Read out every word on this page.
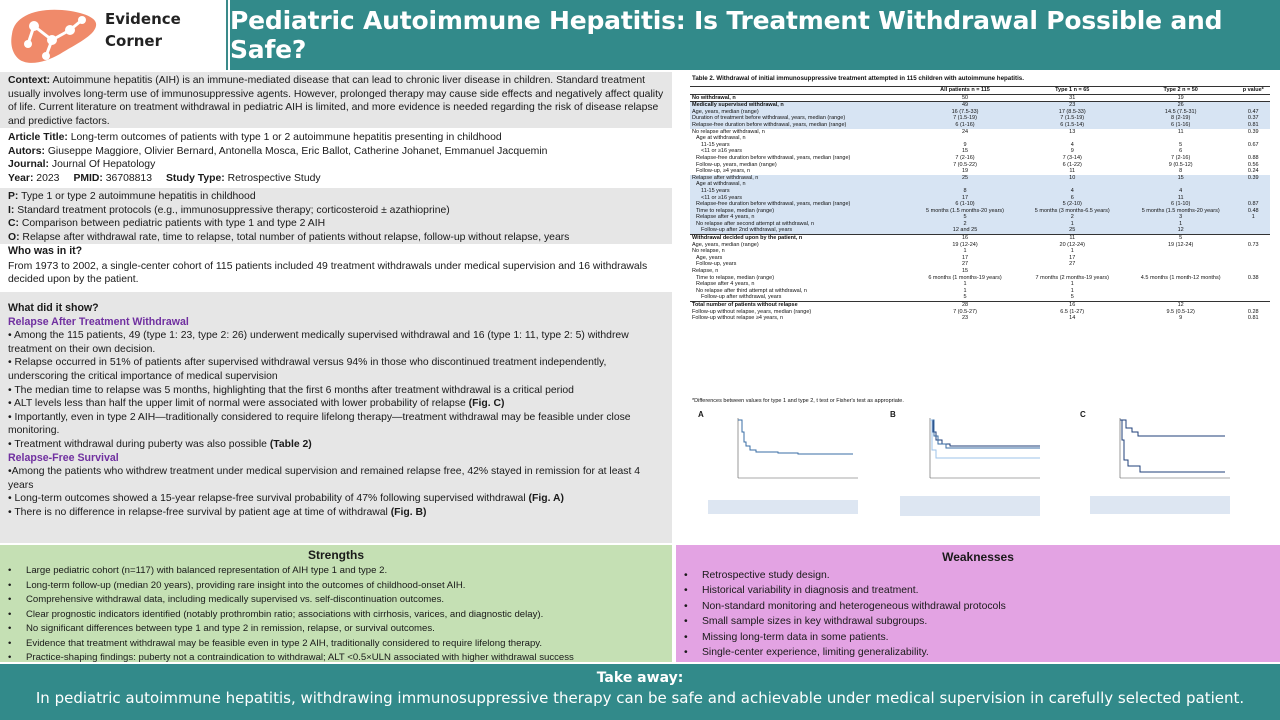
Evidence
Corner
Pediatric Autoimmune Hepatitis: Is Treatment Withdrawal Possible and Safe?
Context: Autoimmune hepatitis (AIH) is an immune-mediated disease that can lead to chronic liver disease in children. Standard treatment usually involves long-term use of immunosuppressive agents. However, prolonged therapy may cause side effects and negatively affect quality of life. Current literature on treatment withdrawal in pediatric AIH is limited, and more evidence is needed regarding the risk of disease relapse and predictive factors.
Article Title: Long-term outcomes of patients with type 1 or 2 autoimmune hepatitis presenting in childhood
Autors: Giuseppe Maggiore, Olivier Bernard, Antonella Mosca, Eric Ballot, Catherine Johanet, Emmanuel Jacquemin
Journal: Journal Of Hepatology
Year: 2023 PMID: 36708813 Study Type: Retrospective Study
P: Type 1 or type 2 autoimmune hepatitis in childhood
I: Standard treatment protocols (e.g., immunosuppressive therapy; corticosteroid ± azathioprine)
C: Comparison between pediatric patients with type 1 and type 2 AIH
O: Relapse after withdrawal rate, time to relapse, total number of patients without relapse, follow-up without relapse, years
Who was in it?
From 1973 to 2002, a single-center cohort of 115 patients included 49 treatment withdrawals under medical supervision and 16 withdrawals decided upon by the patient.
What did it show?
Relapse After Treatment Withdrawal
• Among the 115 patients, 49 (type 1: 23, type 2: 26) underwent medically supervised withdrawal and 16 (type 1: 11, type 2: 5) withdrew treatment on their own decision.
• Relapse occurred in 51% of patients after supervised withdrawal versus 94% in those who discontinued treatment independently, underscoring the critical importance of medical supervision
• The median time to relapse was 5 months, highlighting that the first 6 months after treatment withdrawal is a critical period
• ALT levels less than half the upper limit of normal were associated with lower probability of relapse (Fig. C)
• Importantly, even in type 2 AIH—traditionally considered to require lifelong therapy—treatment withdrawal may be feasible under close monitoring.
• Treatment withdrawal during puberty was also possible (Table 2)
Relapse-Free Survival
•Among the patients who withdrew treatment under medical supervision and remained relapse free, 42% stayed in remission for at least 4 years
• Long-term outcomes showed a 15-year relapse-free survival probability of 47% following supervised withdrawal (Fig. A)
• There is no difference in relapse-free survival by patient age at time of withdrawal (Fig. B)
Table 2. Withdrawal of initial immunosuppressive treatment attempted in 115 children with autoimmune hepatitis.
	All patients n = 115	Type 1 n = 65	Type 2 n = 50	p value*
No withdrawal, n	50	31	19	
Medically supervised withdrawal, n	49	23	26	
Age, years, median (range)	16 (7.5-33)	17 (8.5-33)	14.5 (7.5-31)	0.47
Duration of treatment before withdrawal, years, median (range)	7 (1.5-19)	7 (1.5-19)	8 (2-19)	0.37
Relapse-free duration before withdrawal, years, median (range)	6 (1-16)	6 (1.5-14)	6 (1-16)	0.81
No relapse after withdrawal, n	24	13	11	0.39
Age at withdrawal, n				
11-15 years	9	4	5	0.67
<11 or ≥16 years	15	9	6	
Relapse-free duration before withdrawal, years, median (range)	7 (2-16)	7 (3-14)	7 (2-16)	0.88
Follow-up, years, median (range)	7 (0.5-22)	6 (1-22)	9 (0.5-12)	0.56
Follow-up, ≥4 years, n	19	11	8	0.24
Relapse after withdrawal, n	25	10	15	0.39
Age at withdrawal, n				
11-15 years	8	4	4	
<11 or ≥16 years	17	6	11	
Relapse-free duration before withdrawal, years, median (range)	6 (1-10)	5 (2-10)	6 (1-10)	0.87
Time to relapse, median (range)	5 months (1.5 months-20 years)	5 months (3 months-6.5 years)	5 months (1.5 months-20 years)	0.48
Relapse after 4 years, n	5	2	3	1
No relapse after second attempt at withdrawal, n	2	1	1	
Follow-up after 2nd withdrawal, years	12 and 25	25	12	
Withdrawal decided upon by the patient, n	16	11	5	
Age, years, median (range)	19 (12-24)	20 (12-24)	19 (12-24)	0.73
No relapse, n	1	1		
Age, years	17	17		
Follow-up, years	27	27		
Relapse, n	15			
Time to relapse, median (range)	6 months (1 months-19 years)	7 months (2 months-19 years)	4.5 months (1 month-12 months)	0.38
Relapse after 4 years, n	1	1		
No relapse after third attempt at withdrawal, n	1	1		
Follow-up after withdrawal, years	5	5		
Total number of patients without relapse	28	16	12	
Follow-up without relapse, years, median (range)	7 (0.5-27)	6.5 (1-27)	9.5 (0.5-12)	0.28
Follow-up without relapse ≥4 years, n	23	14	9	0.81
*Differences between values for type 1 and type 2, t test or Fisher's test as appropriate.
A	B	C
Strengths
• Large pediatric cohort (n=117) with balanced representation of AIH type 1 and type 2.
• Long-term follow-up (median 20 years), providing rare insight into the outcomes of childhood-onset AIH.
• Comprehensive withdrawal data, including medically supervised vs. self-discontinuation outcomes.
• Clear prognostic indicators identified (notably prothrombin ratio; associations with cirrhosis, varices, and diagnostic delay).
• No significant differences between type 1 and type 2 in remission, relapse, or survival outcomes.
• Evidence that treatment withdrawal may be feasible even in type 2 AIH, traditionally considered to require lifelong therapy.
• Practice-shaping findings: puberty not a contraindication to withdrawal; ALT <0.5×ULN associated with higher withdrawal success
Weaknesses
• Retrospective study design.
• Historical variability in diagnosis and treatment.
• Non-standard monitoring and heterogeneous withdrawal protocols
• Small sample sizes in key withdrawal subgroups.
• Missing long-term data in some patients.
• Single-center experience, limiting generalizability.
Take away:
In pediatric autoimmune hepatitis, withdrawing immunosuppressive therapy can be safe and achievable under medical supervision in carefully selected patient.
